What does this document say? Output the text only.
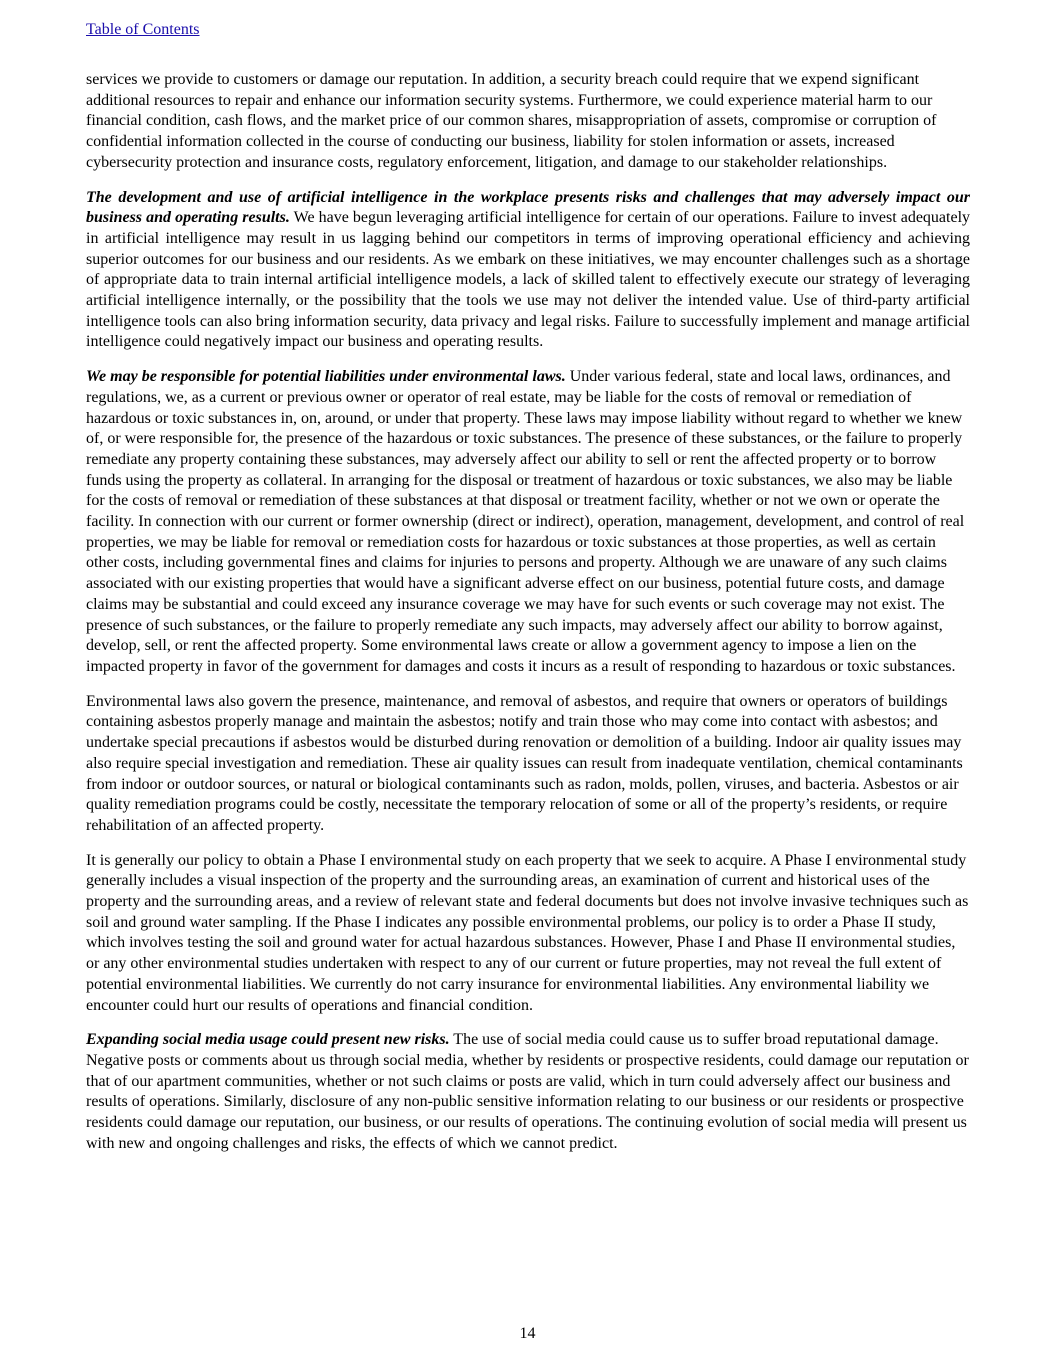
Table of Contents

services we provide to customers or damage our reputation. In addition, a security breach could require that we expend significant additional resources to repair and enhance our information security systems. Furthermore, we could experience material harm to our financial condition, cash flows, and the market price of our common shares, misappropriation of assets, compromise or corruption of confidential information collected in the course of conducting our business, liability for stolen information or assets, increased cybersecurity protection and insurance costs, regulatory enforcement, litigation, and damage to our stakeholder relationships.

The development and use of artificial intelligence in the workplace presents risks and challenges that may adversely impact our business and operating results. We have begun leveraging artificial intelligence for certain of our operations. Failure to invest adequately in artificial intelligence may result in us lagging behind our competitors in terms of improving operational efficiency and achieving superior outcomes for our business and our residents. As we embark on these initiatives, we may encounter challenges such as a shortage of appropriate data to train internal artificial intelligence models, a lack of skilled talent to effectively execute our strategy of leveraging artificial intelligence internally, or the possibility that the tools we use may not deliver the intended value. Use of third-party artificial intelligence tools can also bring information security, data privacy and legal risks. Failure to successfully implement and manage artificial intelligence could negatively impact our business and operating results.

We may be responsible for potential liabilities under environmental laws. Under various federal, state and local laws, ordinances, and regulations, we, as a current or previous owner or operator of real estate, may be liable for the costs of removal or remediation of hazardous or toxic substances in, on, around, or under that property. These laws may impose liability without regard to whether we knew of, or were responsible for, the presence of the hazardous or toxic substances. The presence of these substances, or the failure to properly remediate any property containing these substances, may adversely affect our ability to sell or rent the affected property or to borrow funds using the property as collateral. In arranging for the disposal or treatment of hazardous or toxic substances, we also may be liable for the costs of removal or remediation of these substances at that disposal or treatment facility, whether or not we own or operate the facility. In connection with our current or former ownership (direct or indirect), operation, management, development, and control of real properties, we may be liable for removal or remediation costs for hazardous or toxic substances at those properties, as well as certain other costs, including governmental fines and claims for injuries to persons and property. Although we are unaware of any such claims associated with our existing properties that would have a significant adverse effect on our business, potential future costs, and damage claims may be substantial and could exceed any insurance coverage we may have for such events or such coverage may not exist. The presence of such substances, or the failure to properly remediate any such impacts, may adversely affect our ability to borrow against, develop, sell, or rent the affected property. Some environmental laws create or allow a government agency to impose a lien on the impacted property in favor of the government for damages and costs it incurs as a result of responding to hazardous or toxic substances.

Environmental laws also govern the presence, maintenance, and removal of asbestos, and require that owners or operators of buildings containing asbestos properly manage and maintain the asbestos; notify and train those who may come into contact with asbestos; and undertake special precautions if asbestos would be disturbed during renovation or demolition of a building. Indoor air quality issues may also require special investigation and remediation. These air quality issues can result from inadequate ventilation, chemical contaminants from indoor or outdoor sources, or natural or biological contaminants such as radon, molds, pollen, viruses, and bacteria. Asbestos or air quality remediation programs could be costly, necessitate the temporary relocation of some or all of the property’s residents, or require rehabilitation of an affected property.

It is generally our policy to obtain a Phase I environmental study on each property that we seek to acquire. A Phase I environmental study generally includes a visual inspection of the property and the surrounding areas, an examination of current and historical uses of the property and the surrounding areas, and a review of relevant state and federal documents but does not involve invasive techniques such as soil and ground water sampling. If the Phase I indicates any possible environmental problems, our policy is to order a Phase II study, which involves testing the soil and ground water for actual hazardous substances. However, Phase I and Phase II environmental studies, or any other environmental studies undertaken with respect to any of our current or future properties, may not reveal the full extent of potential environmental liabilities. We currently do not carry insurance for environmental liabilities. Any environmental liability we encounter could hurt our results of operations and financial condition.

Expanding social media usage could present new risks. The use of social media could cause us to suffer broad reputational damage. Negative posts or comments about us through social media, whether by residents or prospective residents, could damage our reputation or that of our apartment communities, whether or not such claims or posts are valid, which in turn could adversely affect our business and results of operations. Similarly, disclosure of any non-public sensitive information relating to our business or our residents or prospective residents could damage our reputation, our business, or our results of operations. The continuing evolution of social media will present us with new and ongoing challenges and risks, the effects of which we cannot predict.

14
